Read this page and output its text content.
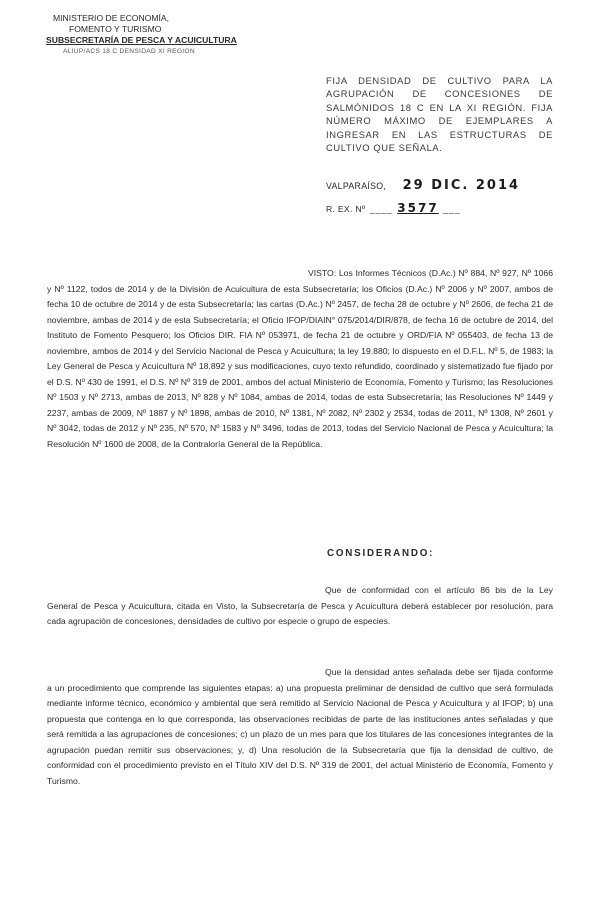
MINISTERIO DE ECONOMÍA,
FOMENTO Y TURISMO
SUBSECRETARÍA DE PESCA Y ACUICULTURA
ALIUP/ACS 18 C DENSIDAD XI REGION
FIJA DENSIDAD DE CULTIVO PARA LA AGRUPACIÓN DE CONCESIONES DE SALMÓNIDOS 18 C EN LA XI REGIÓN. FIJA NÚMERO MÁXIMO DE EJEMPLARES A INGRESAR EN LAS ESTRUCTURAS DE CULTIVO QUE SEÑALA.
VALPARAÍSO, 29 DIC. 2014
R. EX. Nº ____ 3577 ___
VISTO: Los Informes Técnicos (D.Ac.) Nº 884, Nº 927, Nº 1066 y Nº 1122, todos de 2014 y de la División de Acuicultura de esta Subsecretaría; los Oficios (D.Ac.) Nº 2006 y Nº 2007, ambos de fecha 10 de octubre de 2014 y de esta Subsecretaría; las cartas (D.Ac.) Nº 2457, de fecha 28 de octubre y Nº 2606, de fecha 21 de noviembre, ambas de 2014 y de esta Subsecretaría; el Oficio IFOP/DIAIN° 075/2014/DIR/878, de fecha 16 de octubre de 2014, del Instituto de Fomento Pesquero; los Oficios DIR. FIA Nº 053971, de fecha 21 de octubre y ORD/FIA Nº 055403, de fecha 13 de noviembre, ambos de 2014 y del Servicio Nacional de Pesca y Acuicultura; la ley 19.880; lo dispuesto en el D.F.L. Nº 5, de 1983; la Ley General de Pesca y Acuicultura Nº 18.892 y sus modificaciones, cuyo texto refundido, coordinado y sistematizado fue fijado por el D.S. Nº 430 de 1991, el D.S. Nº Nº 319 de 2001, ambos del actual Ministerio de Economía, Fomento y Turismo; las Resoluciones Nº 1503 y Nº 2713, ambas de 2013, Nº 828 y Nº 1084, ambas de 2014, todas de esta Subsecretaría; las Resoluciones Nº 1449 y 2237, ambas de 2009, Nº 1887 y Nº 1898, ambas de 2010, Nº 1381, Nº 2082, Nº 2302 y 2534, todas de 2011, Nº 1308, Nº 2601 y Nº 3042, todas de 2012 y Nº 235, Nº 570, Nº 1583 y Nº 3496, todas de 2013, todas del Servicio Nacional de Pesca y Acuicultura; la Resolución Nº 1600 de 2008, de la Contraloría General de la República.
CONSIDERANDO:
Que de conformidad con el artículo 86 bis de la Ley General de Pesca y Acuicultura, citada en Visto, la Subsecretaría de Pesca y Acuicultura deberá establecer por resolución, para cada agrupación de concesiones, densidades de cultivo por especie o grupo de especies.
Que la densidad antes señalada debe ser fijada conforme a un procedimiento que comprende las siguientes etapas: a) una propuesta preliminar de densidad de cultivo que será formulada mediante informe técnico, económico y ambiental que será remitido al Servicio Nacional de Pesca y Acuicultura y al IFOP; b) una propuesta que contenga en lo que corresponda, las observaciones recibidas de parte de las instituciones antes señaladas y que será remitida a las agrupaciones de concesiones; c) un plazo de un mes para que los titulares de las concesiones integrantes de la agrupación puedan remitir sus observaciones; y, d) Una resolución de la Subsecretaría que fija la densidad de cultivo, de conformidad con el procedimiento previsto en el Título XIV del D.S. Nº 319 de 2001, del actual Ministerio de Economía, Fomento y Turismo.
